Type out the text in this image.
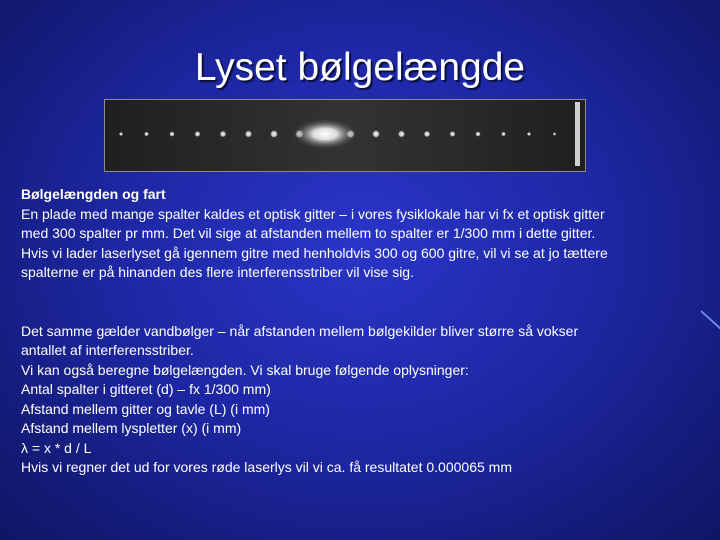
Lyset bølgelængde

Bølgelængden og fart

En plade med mange spalter kaldes et optisk gitter – i vores fysiklokale har vi fx et optisk gitter

med 300 spalter pr mm. Det vil sige at afstanden mellem to spalter er 1/300 mm i dette gitter.

Hvis vi lader laserlyset gå igennem gitre med henholdvis 300 og 600 gitre, vil vi se at jo tættere

spalterne er på hinanden des flere interferensstriber vil vise sig.

Det samme gælder vandbølger – når afstanden mellem bølgekilder bliver større så vokser

antallet af interferensstriber.

Vi kan også beregne bølgelængden. Vi skal bruge følgende oplysninger:

Antal spalter i gitteret (d) – fx 1/300 mm)

Afstand mellem gitter og tavle (L) (i mm)

Afstand mellem lyspletter (x) (i mm)

λ = x * d / L

Hvis vi regner det ud for vores røde laserlys vil vi ca. få resultatet 0.000065 mm
